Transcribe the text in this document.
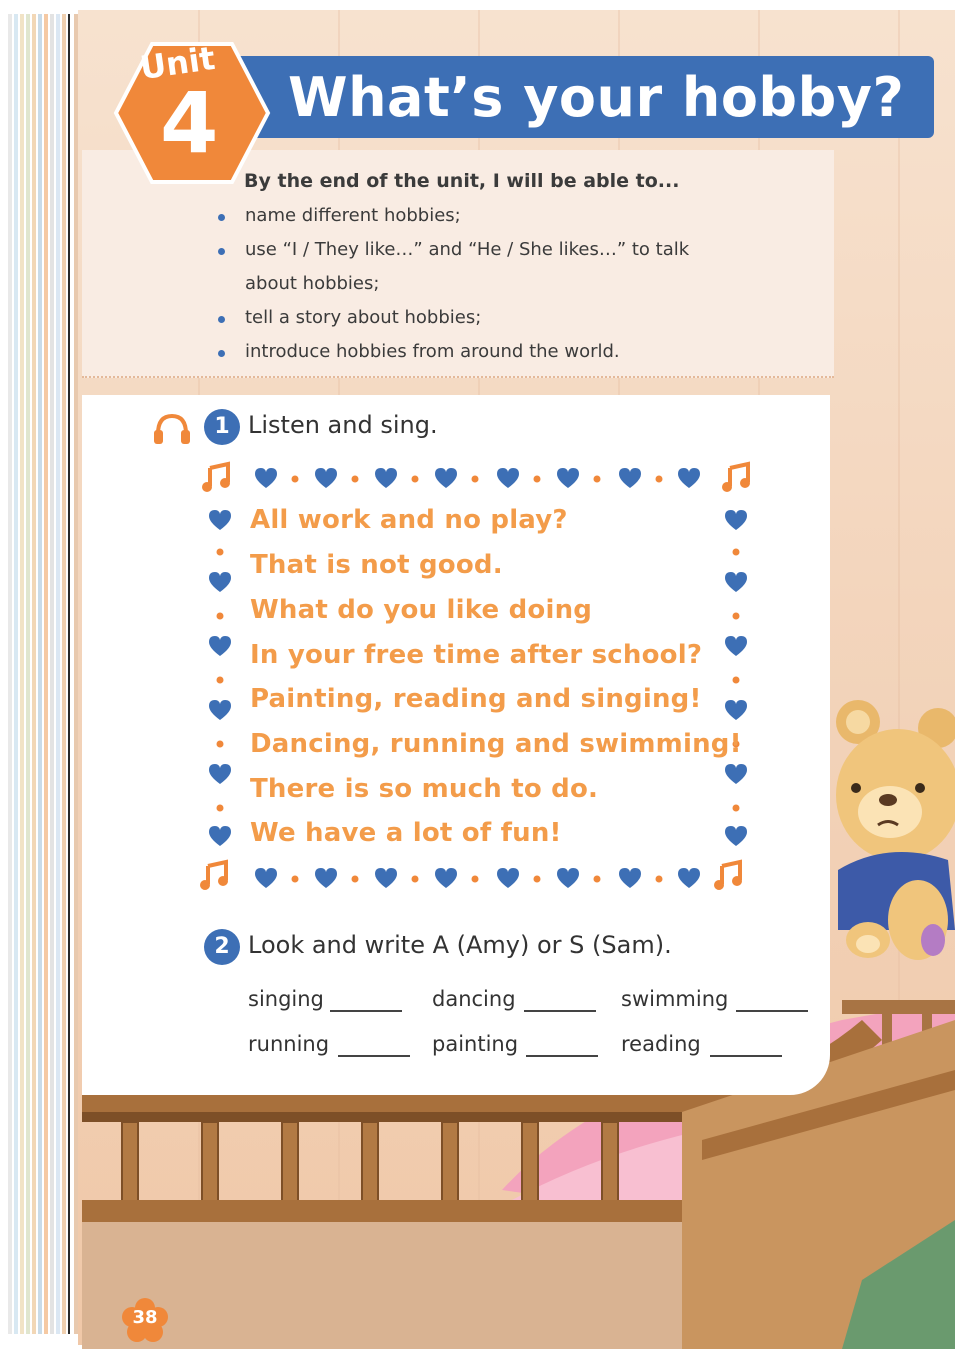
Unit
4 What’s your hobby?
By the end of the unit, I will be able to...
name different hobbies;
use “I / They like…” and “He / She likes…” to talk
about hobbies;
tell a story about hobbies;
introduce hobbies from around the world.
1 Listen and sing.
All work and no play?
That is not good.
What do you like doing
In your free time after school?
Painting, reading and singing!
Dancing, running and swimming!
There is so much to do.
We have a lot of fun!
2 Look and write A (Amy) or S (Sam).
singing	dancing	swimming
running	painting	reading
38
